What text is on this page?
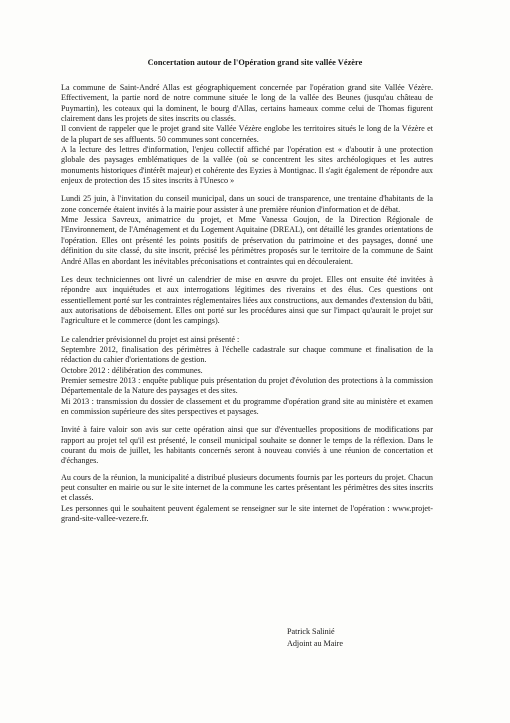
Concertation autour de l'Opération grand site vallée Vézère

La commune de Saint-André Allas est géographiquement concernée par l'opération grand site Vallée Vézère. Effectivement, la partie nord de notre commune située le long de la vallée des Beunes (jusqu'au château de Puymartin), les coteaux qui la dominent, le bourg d'Allas, certains hameaux comme celui de Thomas figurent clairement dans les projets de sites inscrits ou classés.

Il convient de rappeler que le projet grand site Vallée Vézère englobe les territoires situés le long de la Vézère et de la plupart de ses affluents. 50 communes sont concernées.

A la lecture des lettres d'information, l'enjeu collectif affiché par l'opération est « d'aboutir à une protection globale des paysages emblématiques de la vallée (où se concentrent les sites archéologiques et les autres monuments historiques d'intérêt majeur) et cohérente des Eyzies à Montignac. Il s'agit également de répondre aux enjeux de protection des 15 sites inscrits à l'Unesco »

Lundi 25 juin, à l'invitation du conseil municipal, dans un souci de transparence, une trentaine d'habitants de la zone concernée étaient invités à la mairie pour assister à une première réunion d'information et de débat.

Mme Jessica Savreux, animatrice du projet, et Mme Vanessa Goujon, de la Direction Régionale de l'Environnement, de l'Aménagement et du Logement Aquitaine (DREAL), ont détaillé les grandes orientations de l'opération. Elles ont présenté les points positifs de préservation du patrimoine et des paysages, donné une définition du site classé, du site inscrit, précisé les périmètres proposés sur le territoire de la commune de Saint André Allas en abordant les inévitables préconisations et contraintes qui en découleraient.

Les deux techniciennes ont livré un calendrier de mise en œuvre du projet. Elles ont ensuite été invitées à répondre aux inquiétudes et aux interrogations légitimes des riverains et des élus. Ces questions ont essentiellement porté sur les contraintes réglementaires liées aux constructions, aux demandes d'extension du bâti, aux autorisations de déboisement. Elles ont porté sur les procédures ainsi que sur l'impact qu'aurait le projet sur l'agriculture et le commerce (dont les campings).

Le calendrier prévisionnel du projet est ainsi présenté :

Septembre 2012, finalisation des périmètres à l'échelle cadastrale sur chaque commune et finalisation de la rédaction du cahier d'orientations de gestion.

Octobre 2012 : délibération des communes.

Premier semestre 2013 : enquête publique puis présentation du projet d'évolution des protections à la commission Départementale de la Nature des paysages et des sites.

Mi 2013 : transmission du dossier de classement et du programme d'opération grand site au ministère et examen en commission supérieure des sites perspectives et paysages.

Invité à faire valoir son avis sur cette opération ainsi que sur d'éventuelles propositions de modifications par rapport au projet tel qu'il est présenté, le conseil municipal souhaite se donner le temps de la réflexion. Dans le courant du mois de juillet, les habitants concernés seront à nouveau conviés à une réunion de concertation et d'échanges.

Au cours de la réunion, la municipalité a distribué plusieurs documents fournis par les porteurs du projet. Chacun peut consulter en mairie ou sur le site internet de la commune les cartes présentant les périmètres des sites inscrits et classés.

Les personnes qui le souhaitent peuvent également se renseigner sur le site internet de l'opération : www.projet-grand-site-vallee-vezere.fr.

Patrick Salinié
Adjoint au Maire
